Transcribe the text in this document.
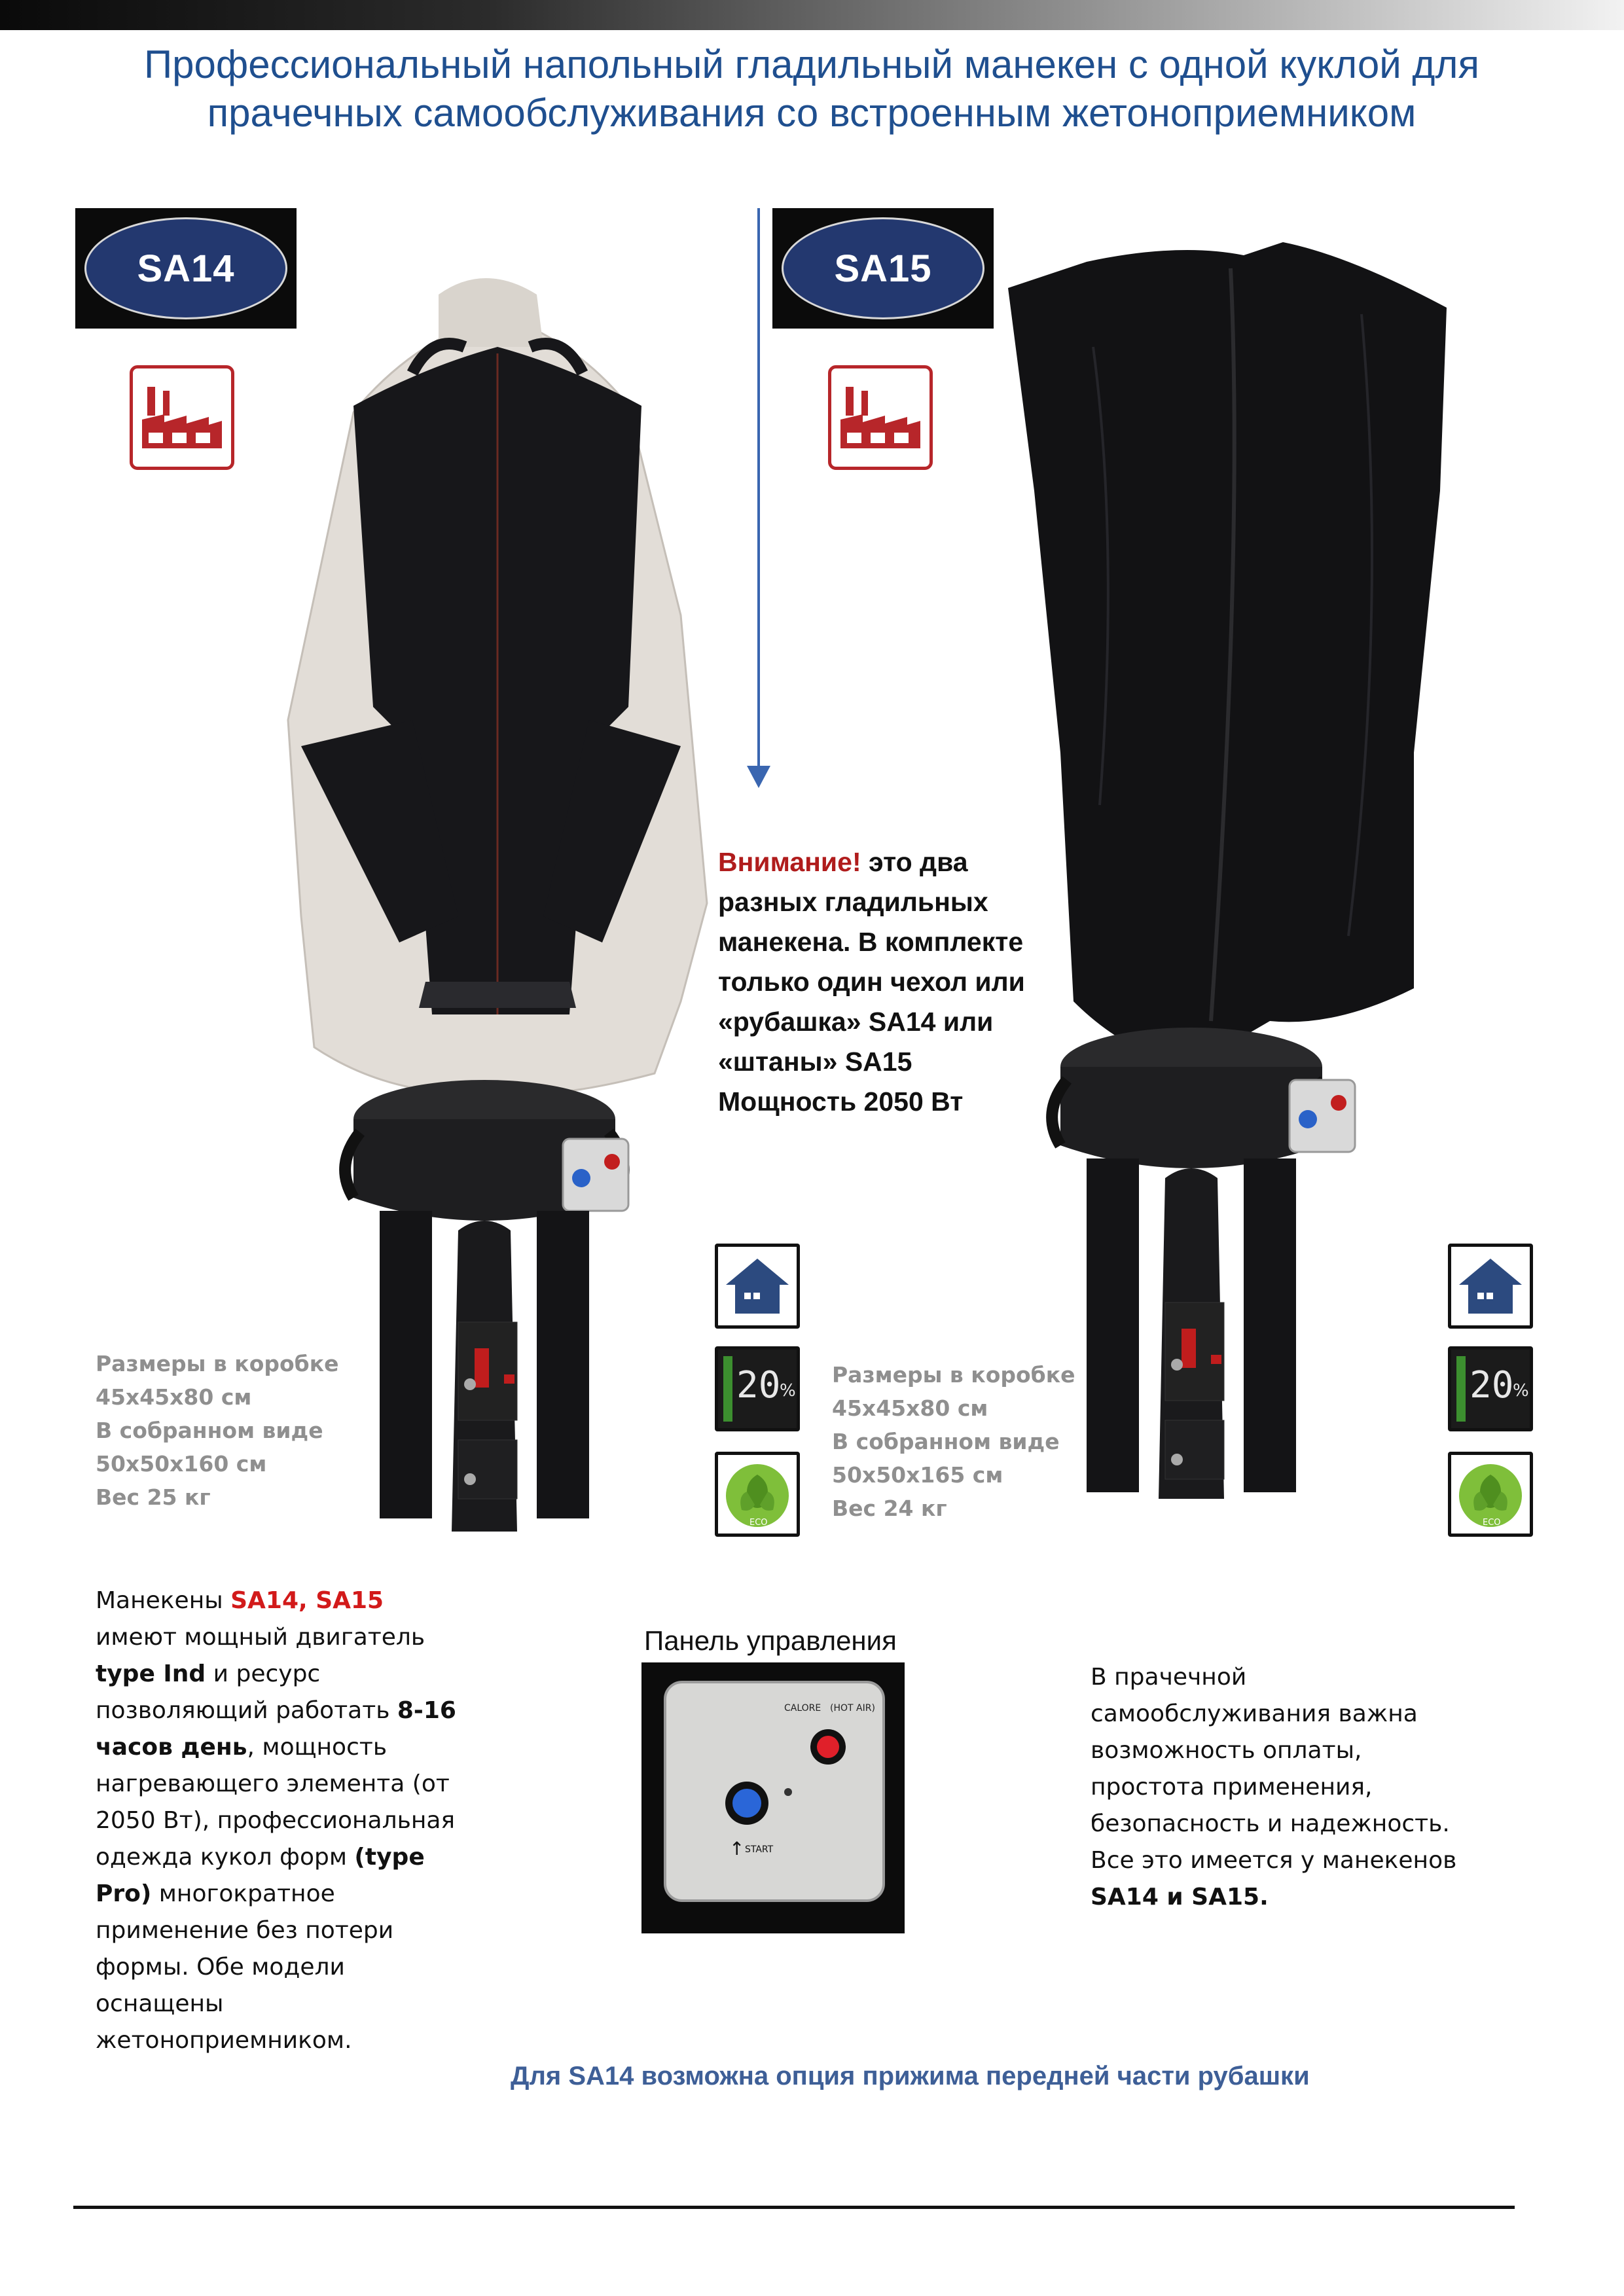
Профессиональный напольный гладильный манекен с одной куклой для
прачечных самообслуживания со встроенным жетоноприемником
SA14	SA15
Внимание! это два разных гладильных манекена. В комплекте только один чехол или «рубашка» SA14 или «штаны» SA15
Мощность 2050 Вт
20
%
ECO
20
%
ECO
Размеры в коробке
45x45x80 см
В собранном виде
50x50x160 см
Вес 25 кг
Размеры в коробке
45x45x80 см
В собранном виде
50x50x165 см
Вес 24 кг
Манекены SA14, SA15
имеют мощный двигатель type Ind и ресурс позволяющий работать 8-16 часов день, мощность нагревающего элемента (от 2050 Вт), профессиональная одежда кукол форм (type Pro) многократное применение без потери формы. Обе модели оснащены жетоноприемником.
Панель управления
CALORE (HOT AIR)
↑ START
В прачечной самообслуживания важна возможность оплаты, простота применения, безопасность и надежность. Все это имеется у манекенов SA14 и SA15.
Для SA14 возможна опция прижима передней части рубашки
